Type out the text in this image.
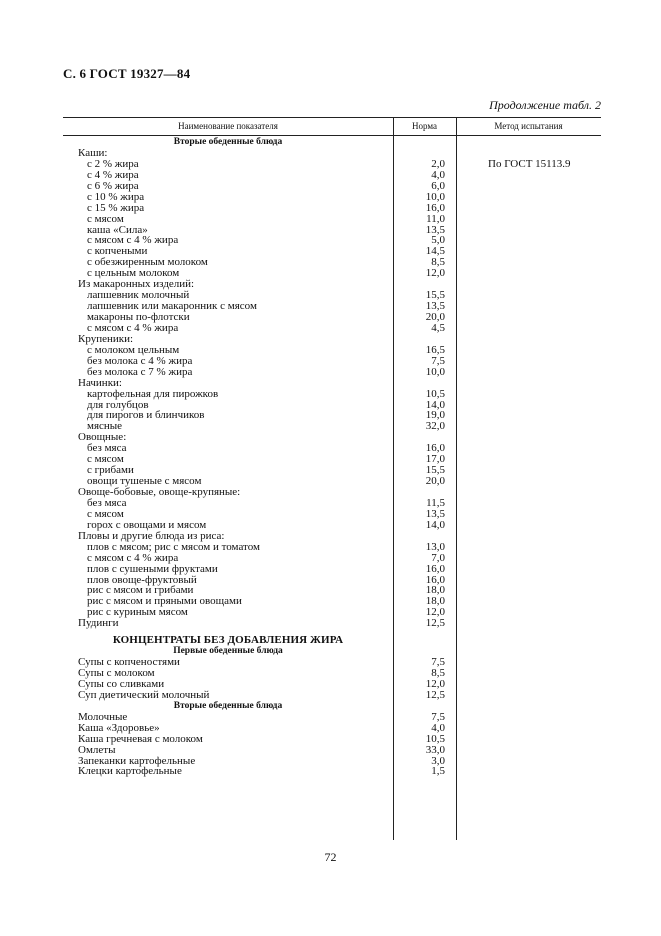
С. 6 ГОСТ 19327—84
Продолжение табл. 2
Наименование показателя	Норма	Метод испытания
Вторые обеденные блюда
Каши:
с 2 % жира	2,0	По ГОСТ 15113.9
с 4 % жира	4,0
с 6 % жира	6,0
с 10 % жира	10,0
с 15 % жира	16,0
с мясом	11,0
каша «Сила»	13,5
с мясом с 4 % жира	5,0
с копчеными	14,5
с обезжиренным молоком	8,5
с цельным молоком	12,0
Из макаронных изделий:
лапшевник молочный	15,5
лапшевник или макаронник с мясом	13,5
макароны по-флотски	20,0
с мясом с 4 % жира	4,5
Крупеники:
с молоком цельным	16,5
без молока с 4 % жира	7,5
без молока с 7 % жира	10,0
Начинки:
картофельная для пирожков	10,5
для голубцов	14,0
для пирогов и блинчиков	19,0
мясные	32,0
Овощные:
без мяса	16,0
с мясом	17,0
с грибами	15,5
овощи тушеные с мясом	20,0
Овоще-бобовые, овоще-крупяные:
без мяса	11,5
с мясом	13,5
горох с овощами и мясом	14,0
Пловы и другие блюда из риса:
плов с мясом; рис с мясом и томатом	13,0
с мясом с 4 % жира	7,0
плов с сушеными фруктами	16,0
плов овоще-фруктовый	16,0
рис с мясом и грибами	18,0
рис с мясом и пряными овощами	18,0
рис с куриным мясом	12,0
Пудинги	12,5
КОНЦЕНТРАТЫ БЕЗ ДОБАВЛЕНИЯ ЖИРА
Первые обеденные блюда
Супы с копченостями	7,5
Супы с молоком	8,5
Супы со сливками	12,0
Суп диетический молочный	12,5
Вторые обеденные блюда
Молочные	7,5
Каша «Здоровье»	4,0
Каша гречневая с молоком	10,5
Омлеты	33,0
Запеканки картофельные	3,0
Клецки картофельные	1,5
72
